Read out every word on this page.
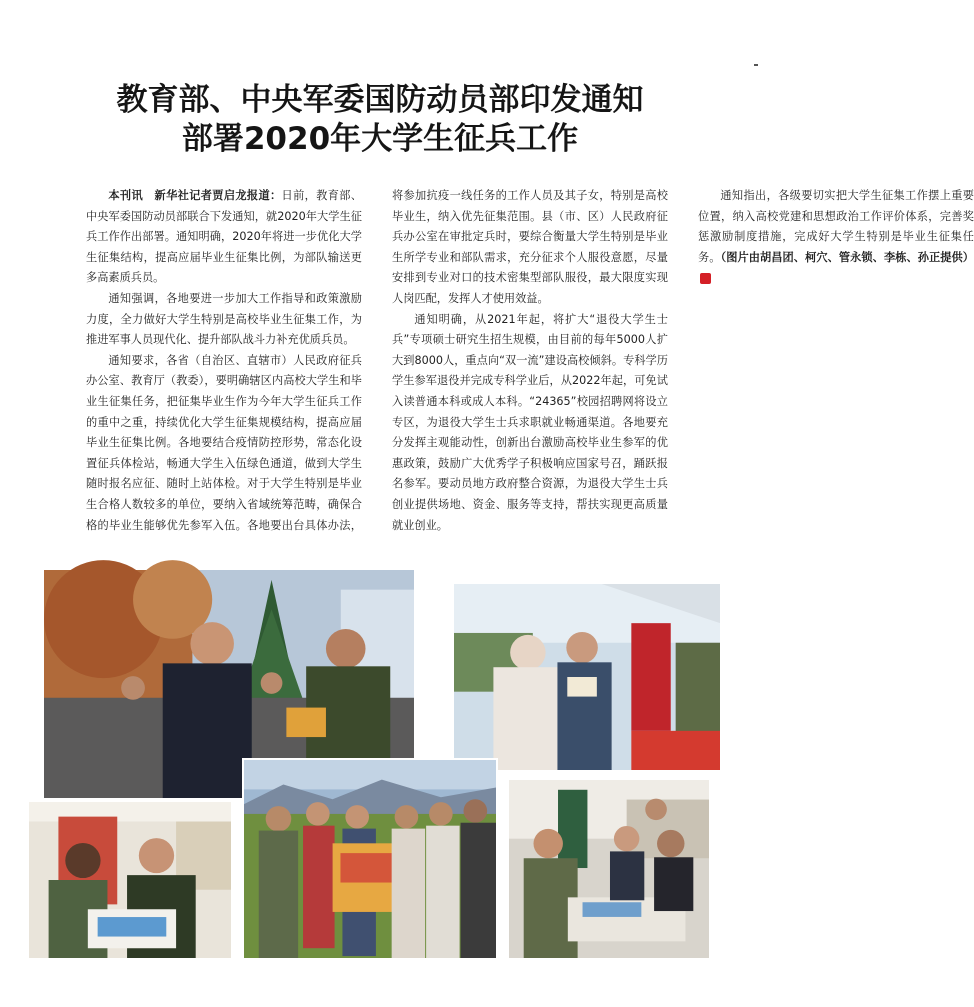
教育部、中央军委国防动员部印发通知
部署2020年大学生征兵工作

本刊讯　新华社记者贾启龙报道：日前，教育部、中央军委国防动员部联合下发通知，就2020年大学生征兵工作作出部署。通知明确，2020年将进一步优化大学生征集结构，提高应届毕业生征集比例，为部队输送更多高素质兵员。

通知强调，各地要进一步加大工作指导和政策激励力度，全力做好大学生特别是高校毕业生征集工作，为推进军事人员现代化、提升部队战斗力补充优质兵员。

通知要求，各省（自治区、直辖市）人民政府征兵办公室、教育厅（教委），要明确辖区内高校大学生和毕业生征集任务，把征集毕业生作为今年大学生征兵工作的重中之重，持续优化大学生征集规模结构，提高应届毕业生征集比例。各地要结合疫情防控形势，常态化设置征兵体检站，畅通大学生入伍绿色通道，做到大学生随时报名应征、随时上站体检。对于大学生特别是毕业生合格人数较多的单位，要纳入省域统筹范畴，确保合格的毕业生能够优先参军入伍。各地要出台具体办法，将参加抗疫一线任务的工作人员及其子女，特别是高校毕业生，纳入优先征集范围。县（市、区）人民政府征兵办公室在审批定兵时，要综合衡量大学生特别是毕业生所学专业和部队需求，充分征求个人服役意愿，尽量安排到专业对口的技术密集型部队服役，最大限度实现人岗匹配，发挥人才使用效益。

通知明确，从2021年起，将扩大“退役大学生士兵”专项硕士研究生招生规模，由目前的每年5000人扩大到8000人，重点向“双一流”建设高校倾斜。专科学历学生参军退役并完成专科学业后，从2022年起，可免试入读普通本科或成人本科。“24365”校园招聘网将设立专区，为退役大学生士兵求职就业畅通渠道。各地要充分发挥主观能动性，创新出台激励高校毕业生参军的优惠政策，鼓励广大优秀学子积极响应国家号召，踊跃报名参军。要动员地方政府整合资源，为退役大学生士兵创业提供场地、资金、服务等支持，帮扶实现更高质量就业创业。

通知指出，各级要切实把大学生征集工作摆上重要位置，纳入高校党建和思想政治工作评价体系，完善奖惩激励制度措施，完成好大学生特别是毕业生征集任务。（图片由胡昌团、柯穴、管永锁、李栋、孙正提供）G
